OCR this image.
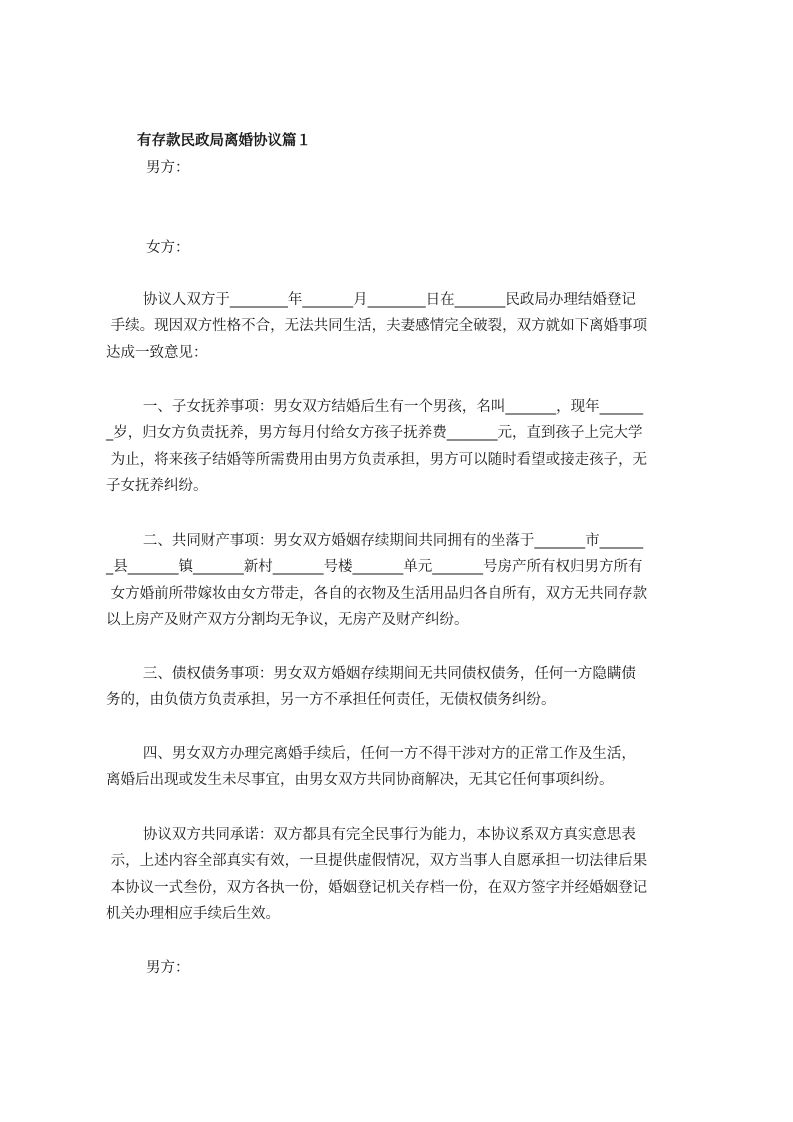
有存款民政局离婚协议篇１
男方：
女方：

协议人双方于________年_______月________日在_______民政局办理结婚登记

手续。现因双方性格不合，无法共同生活，夫妻感情完全破裂，双方就如下离婚事项

达成一致意见：

一、子女抚养事项：男女双方结婚后生有一个男孩，名叫_______，现年______

_岁，归女方负责抚养，男方每月付给女方孩子抚养费_______元，直到孩子上完大学

为止，将来孩子结婚等所需费用由男方负责承担，男方可以随时看望或接走孩子，无

子女抚养纠纷。

二、共同财产事项：男女双方婚姻存续期间共同拥有的坐落于_______市______

_县_______镇_______新村_______号楼_______单元_______号房产所有权归男方所有

女方婚前所带嫁妆由女方带走，各自的衣物及生活用品归各自所有，双方无共同存款

以上房产及财产双方分割均无争议，无房产及财产纠纷。

三、债权债务事项：男女双方婚姻存续期间无共同债权债务，任何一方隐瞒债

务的，由负债方负责承担，另一方不承担任何责任，无债权债务纠纷。

四、男女双方办理完离婚手续后，任何一方不得干涉对方的正常工作及生活，

离婚后出现或发生未尽事宜，由男女双方共同协商解决，无其它任何事项纠纷。

协议双方共同承诺：双方都具有完全民事行为能力，本协议系双方真实意思表

示，上述内容全部真实有效，一旦提供虚假情况，双方当事人自愿承担一切法律后果

本协议一式叁份，双方各执一份，婚姻登记机关存档一份，在双方签字并经婚姻登记

机关办理相应手续后生效。

男方：
